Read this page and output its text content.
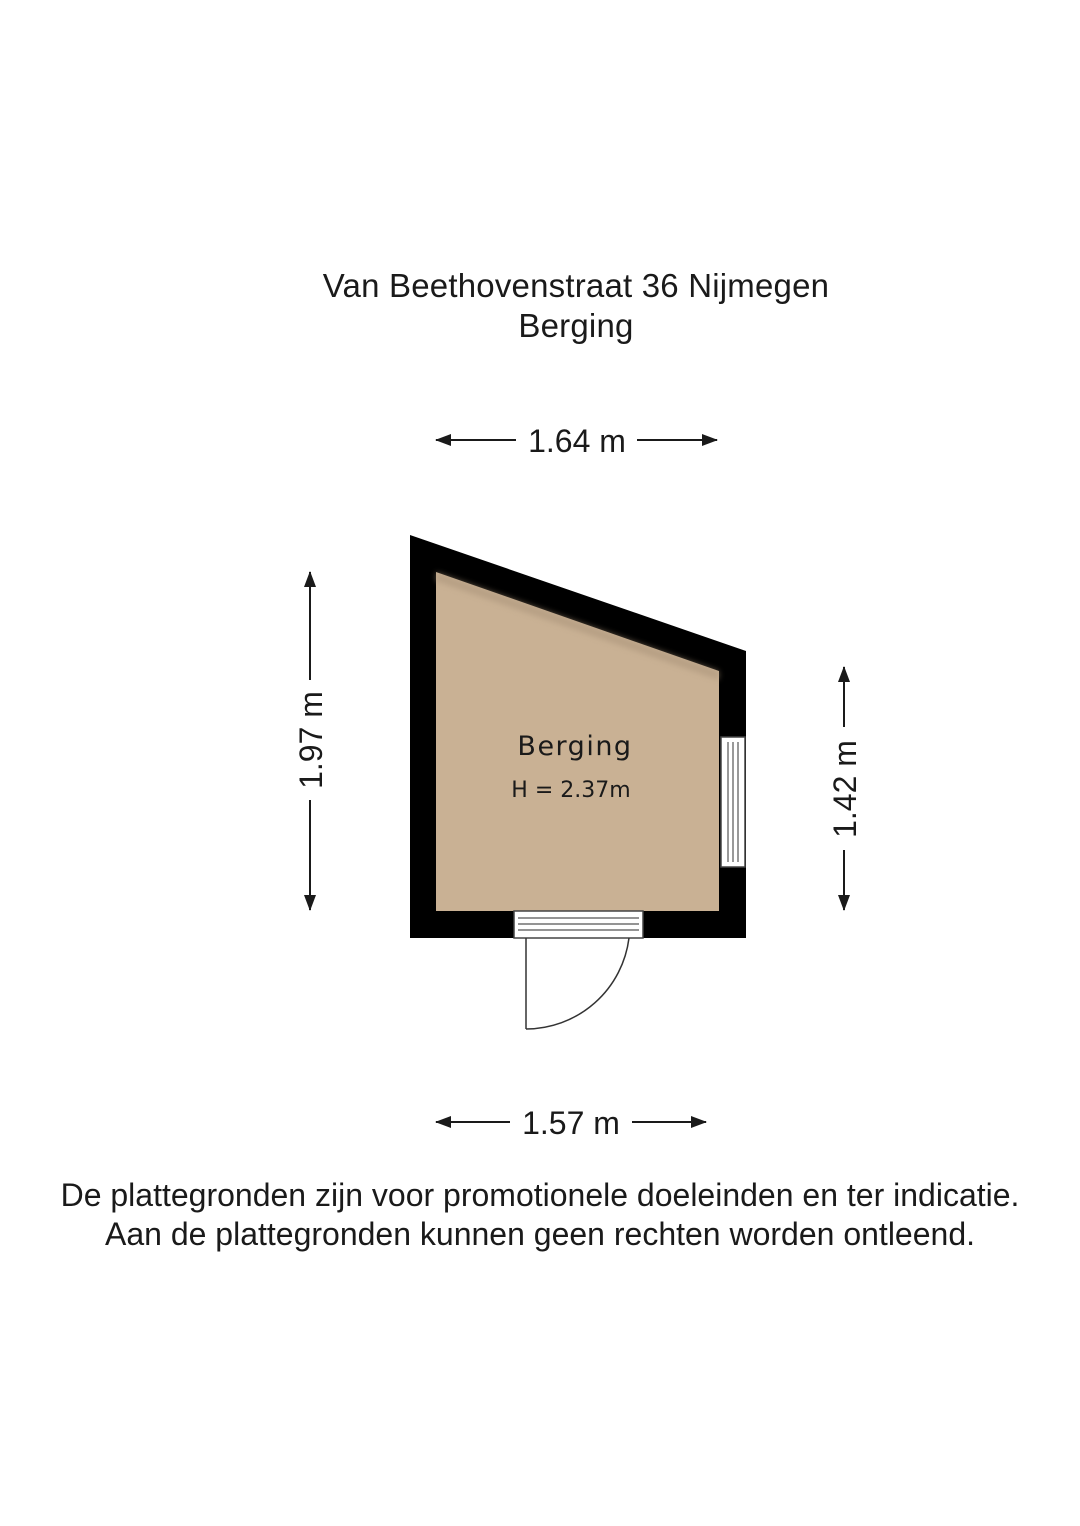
Van Beethovenstraat 36 Nijmegen
Berging
Berging
H = 2.37m
1.64 m
1.57 m
1.97 m
1.42 m
De plattegronden zijn voor promotionele doeleinden en ter indicatie.
Aan de plattegronden kunnen geen rechten worden ontleend.
